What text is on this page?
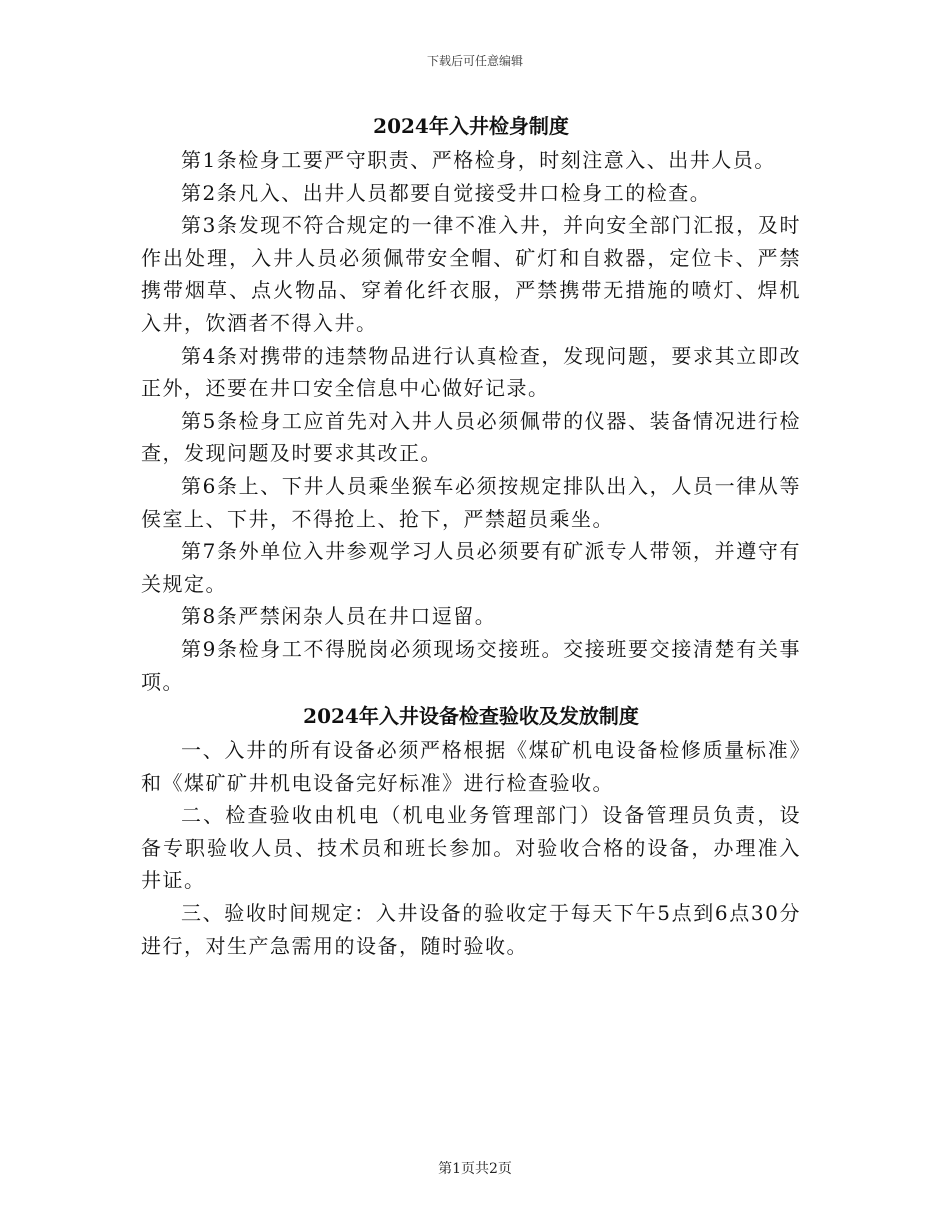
下载后可任意编辑
2024年入井检身制度

第1条检身工要严守职责、严格检身，时刻注意入、出井人员。

第2条凡入、出井人员都要自觉接受井口检身工的检查。

第3条发现不符合规定的一律不准入井，并向安全部门汇报，及时作出处理，入井人员必须佩带安全帽、矿灯和自救器，定位卡、严禁携带烟草、点火物品、穿着化纤衣服，严禁携带无措施的喷灯、焊机入井，饮酒者不得入井。

第4条对携带的违禁物品进行认真检查，发现问题，要求其立即改正外，还要在井口安全信息中心做好记录。

第5条检身工应首先对入井人员必须佩带的仪器、装备情况进行检查，发现问题及时要求其改正。

第6条上、下井人员乘坐猴车必须按规定排队出入，人员一律从等侯室上、下井，不得抢上、抢下，严禁超员乘坐。

第7条外单位入井参观学习人员必须要有矿派专人带领，并遵守有关规定。

第8条严禁闲杂人员在井口逗留。

第9条检身工不得脱岗必须现场交接班。交接班要交接清楚有关事项。

2024年入井设备检查验收及发放制度

一、入井的所有设备必须严格根据《煤矿机电设备检修质量标准》和《煤矿矿井机电设备完好标准》进行检查验收。

二、检查验收由机电（机电业务管理部门）设备管理员负责，设备专职验收人员、技术员和班长参加。对验收合格的设备，办理准入井证。

三、验收时间规定：入井设备的验收定于每天下午5点到6点30分进行，对生产急需用的设备，随时验收。

第1页共2页
